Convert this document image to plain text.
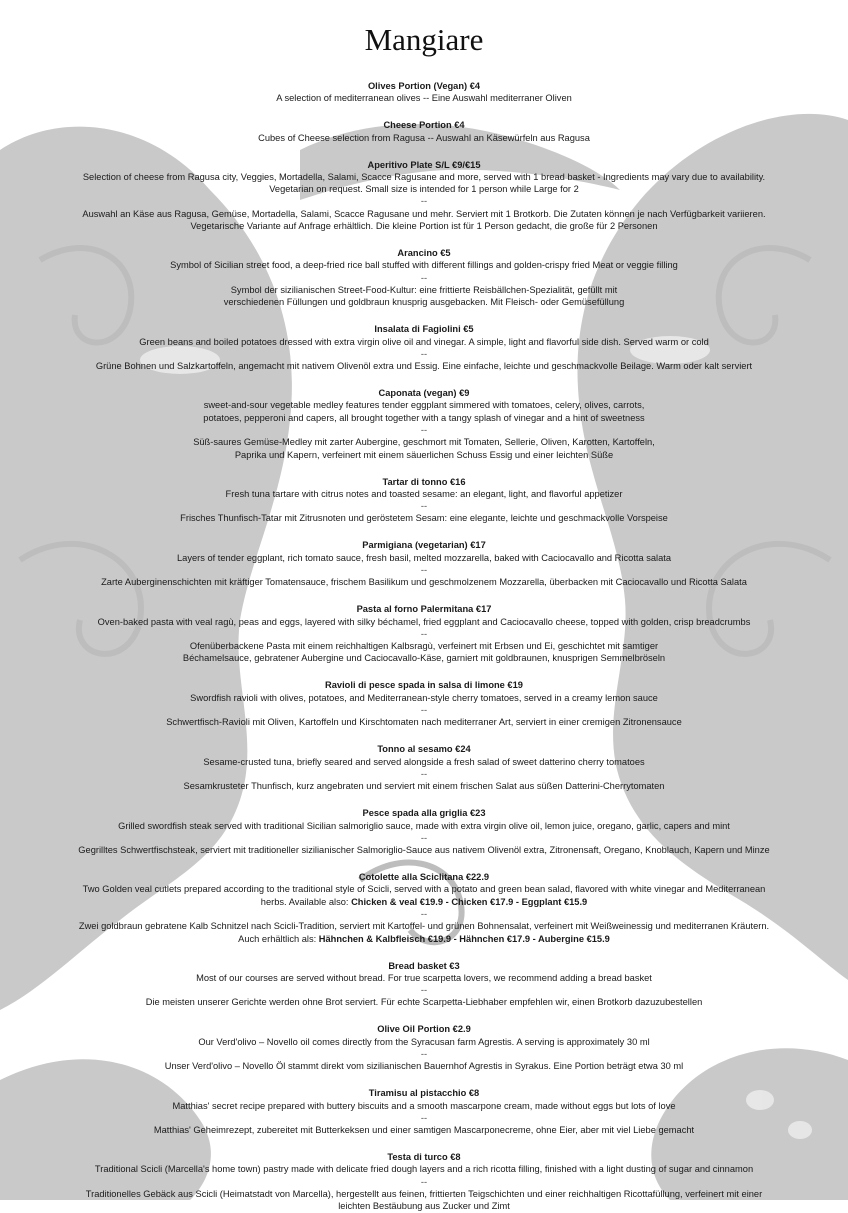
Mangiare
Olives Portion (Vegan) €4
A selection of mediterranean olives -- Eine Auswahl mediterraner Oliven
Cheese Portion €4
Cubes of Cheese selection from Ragusa -- Auswahl an Käsewürfeln aus Ragusa
Aperitivo Plate S/L €9/€15
Selection of cheese from Ragusa city, Veggies, Mortadella, Salami, Scacce Ragusane and more, served with 1 bread basket - Ingredients may vary due to availability.
Vegetarian on request. Small size is intended for 1 person while Large for 2
--
Auswahl an Käse aus Ragusa, Gemüse, Mortadella, Salami, Scacce Ragusane und mehr. Serviert mit 1 Brotkorb. Die Zutaten können je nach Verfügbarkeit variieren.
Vegetarische Variante auf Anfrage erhältlich. Die kleine Portion ist für 1 Person gedacht, die große für 2 Personen
Arancino €5
Symbol of Sicilian street food, a deep-fried rice ball stuffed with different fillings and golden-crispy fried Meat or veggie filling
--
Symbol der sizilianischen Street-Food-Kultur: eine frittierte Reisbällchen-Spezialität, gefüllt mit
verschiedenen Füllungen und goldbraun knusprig ausgebacken. Mit Fleisch- oder Gemüsefüllung
Insalata di Fagiolini €5
Green beans and boiled potatoes dressed with extra virgin olive oil and vinegar. A simple, light and flavorful side dish. Served warm or cold
--
Grüne Bohnen und Salzkartoffeln, angemacht mit nativem Olivenöl extra und Essig. Eine einfache, leichte und geschmackvolle Beilage. Warm oder kalt serviert
Caponata (vegan) €9
sweet-and-sour vegetable medley features tender eggplant simmered with tomatoes, celery, olives, carrots,
potatoes, pepperoni and capers, all brought together with a tangy splash of vinegar and a hint of sweetness
--
Süß-saures Gemüse-Medley mit zarter Aubergine, geschmort mit Tomaten, Sellerie, Oliven, Karotten, Kartoffeln,
Paprika und Kapern, verfeinert mit einem säuerlichen Schuss Essig und einer leichten Süße
Tartar di tonno €16
Fresh tuna tartare with citrus notes and toasted sesame: an elegant, light, and flavorful appetizer
--
Frisches Thunfisch-Tatar mit Zitrusnoten und geröstetem Sesam: eine elegante, leichte und geschmackvolle Vorspeise
Parmigiana (vegetarian) €17
Layers of tender eggplant, rich tomato sauce, fresh basil, melted mozzarella, baked with Caciocavallo and Ricotta salata
--
Zarte Auberginenschichten mit kräftiger Tomatensauce, frischem Basilikum und geschmolzenem Mozzarella, überbacken mit Caciocavallo und Ricotta Salata
Pasta al forno Palermitana €17
Oven-baked pasta with veal ragù, peas and eggs, layered with silky béchamel, fried eggplant and Caciocavallo cheese, topped with golden, crisp breadcrumbs
--
Ofenüberbackene Pasta mit einem reichhaltigen Kalbsragù, verfeinert mit Erbsen und Ei, geschichtet mit samtiger
Béchamelsauce, gebratener Aubergine und Caciocavallo-Käse, garniert mit goldbraunen, knusprigen Semmelbröseln
Ravioli di pesce spada in salsa di limone €19
Swordfish ravioli with olives, potatoes, and Mediterranean-style cherry tomatoes, served in a creamy lemon sauce
--
Schwertfisch-Ravioli mit Oliven, Kartoffeln und Kirschtomaten nach mediterraner Art, serviert in einer cremigen Zitronensauce
Tonno al sesamo €24
Sesame-crusted tuna, briefly seared and served alongside a fresh salad of sweet datterino cherry tomatoes
--
Sesamkrusteter Thunfisch, kurz angebraten und serviert mit einem frischen Salat aus süßen Datterini-Cherrytomaten
Pesce spada alla griglia €23
Grilled swordfish steak served with traditional Sicilian salmoriglio sauce, made with extra virgin olive oil, lemon juice, oregano, garlic, capers and mint
--
Gegrilltes Schwertfischsteak, serviert mit traditioneller sizilianischer Salmoriglio-Sauce aus nativem Olivenöl extra, Zitronensaft, Oregano, Knoblauch, Kapern und Minze
Cotolette alla Sciclitana €22.9
Two Golden veal cutlets prepared according to the traditional style of Scicli, served with a potato and green bean salad, flavored with white vinegar and Mediterranean
herbs. Available also: Chicken & veal €19.9 - Chicken €17.9 - Eggplant €15.9
--
Zwei goldbraun gebratene Kalb Schnitzel nach Scicli-Tradition, serviert mit Kartoffel- und grünen Bohnensalat, verfeinert mit Weißweinessig und mediterranen Kräutern.
Auch erhältlich als: Hähnchen & Kalbfleisch €19.9 - Hähnchen €17.9 - Aubergine €15.9
Bread basket €3
Most of our courses are served without bread. For true scarpetta lovers, we recommend adding a bread basket
--
Die meisten unserer Gerichte werden ohne Brot serviert. Für echte Scarpetta-Liebhaber empfehlen wir, einen Brotkorb dazuzubestellen
Olive Oil Portion €2.9
Our Verd'olivo – Novello oil comes directly from the Syracusan farm Agrestis. A serving is approximately 30 ml
--
Unser Verd'olivo – Novello Öl stammt direkt vom sizilianischen Bauernhof Agrestis in Syrakus. Eine Portion beträgt etwa 30 ml
Tiramisu al pistacchio €8
Matthias' secret recipe prepared with buttery biscuits and a smooth mascarpone cream, made without eggs but lots of love
--
Matthias' Geheimrezept, zubereitet mit Butterkeksen und einer samtigen Mascarponecreme, ohne Eier, aber mit viel Liebe gemacht
Testa di turco €8
Traditional Scicli (Marcella's home town) pastry made with delicate fried dough layers and a rich ricotta filling, finished with a light dusting of sugar and cinnamon
--
Traditionelles Gebäck aus Scicli (Heimatstadt von Marcella), hergestellt aus feinen, frittierten Teigschichten und einer reichhaltigen Ricottafüllung, verfeinert mit einer
leichten Bestäubung aus Zucker und Zimt
